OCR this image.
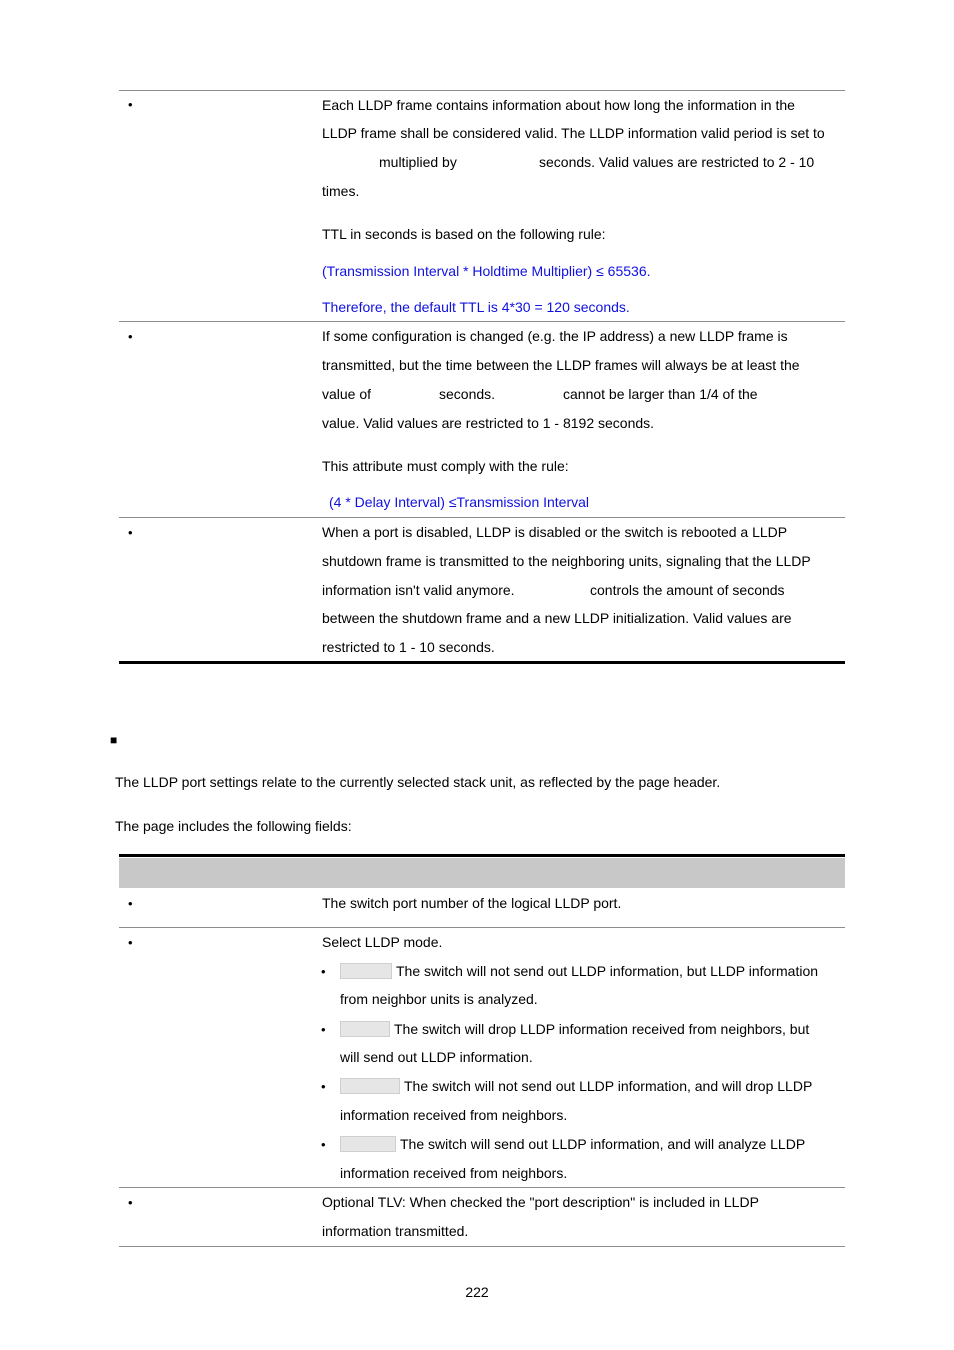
•	Each LLDP frame contains information about how long the information in the
LLDP frame shall be considered valid. The LLDP information valid period is set to
multiplied by	seconds. Valid values are restricted to 2 - 10
times.
TTL in seconds is based on the following rule:
(Transmission Interval * Holdtime Multiplier) ≤ 65536.
Therefore, the default TTL is 4*30 = 120 seconds.
•	If some configuration is changed (e.g. the IP address) a new LLDP frame is
transmitted, but the time between the LLDP frames will always be at least the
value of	seconds.	cannot be larger than 1/4 of the
value. Valid values are restricted to 1 - 8192 seconds.
This attribute must comply with the rule:
(4 * Delay Interval) ≤Transmission Interval
•	When a port is disabled, LLDP is disabled or the switch is rebooted a LLDP
shutdown frame is transmitted to the neighboring units, signaling that the LLDP
information isn't valid anymore.	controls the amount of seconds
between the shutdown frame and a new LLDP initialization. Valid values are
restricted to 1 - 10 seconds.
■
The LLDP port settings relate to the currently selected stack unit, as reflected by the page header.
The page includes the following fields:
•	The switch port number of the logical LLDP port.
•	Select LLDP mode.
•	The switch will not send out LLDP information, but LLDP information
from neighbor units is analyzed.
•	The switch will drop LLDP information received from neighbors, but
will send out LLDP information.
•	The switch will not send out LLDP information, and will drop LLDP
information received from neighbors.
•	The switch will send out LLDP information, and will analyze LLDP
information received from neighbors.
•	Optional TLV: When checked the "port description" is included in LLDP
information transmitted.
222
